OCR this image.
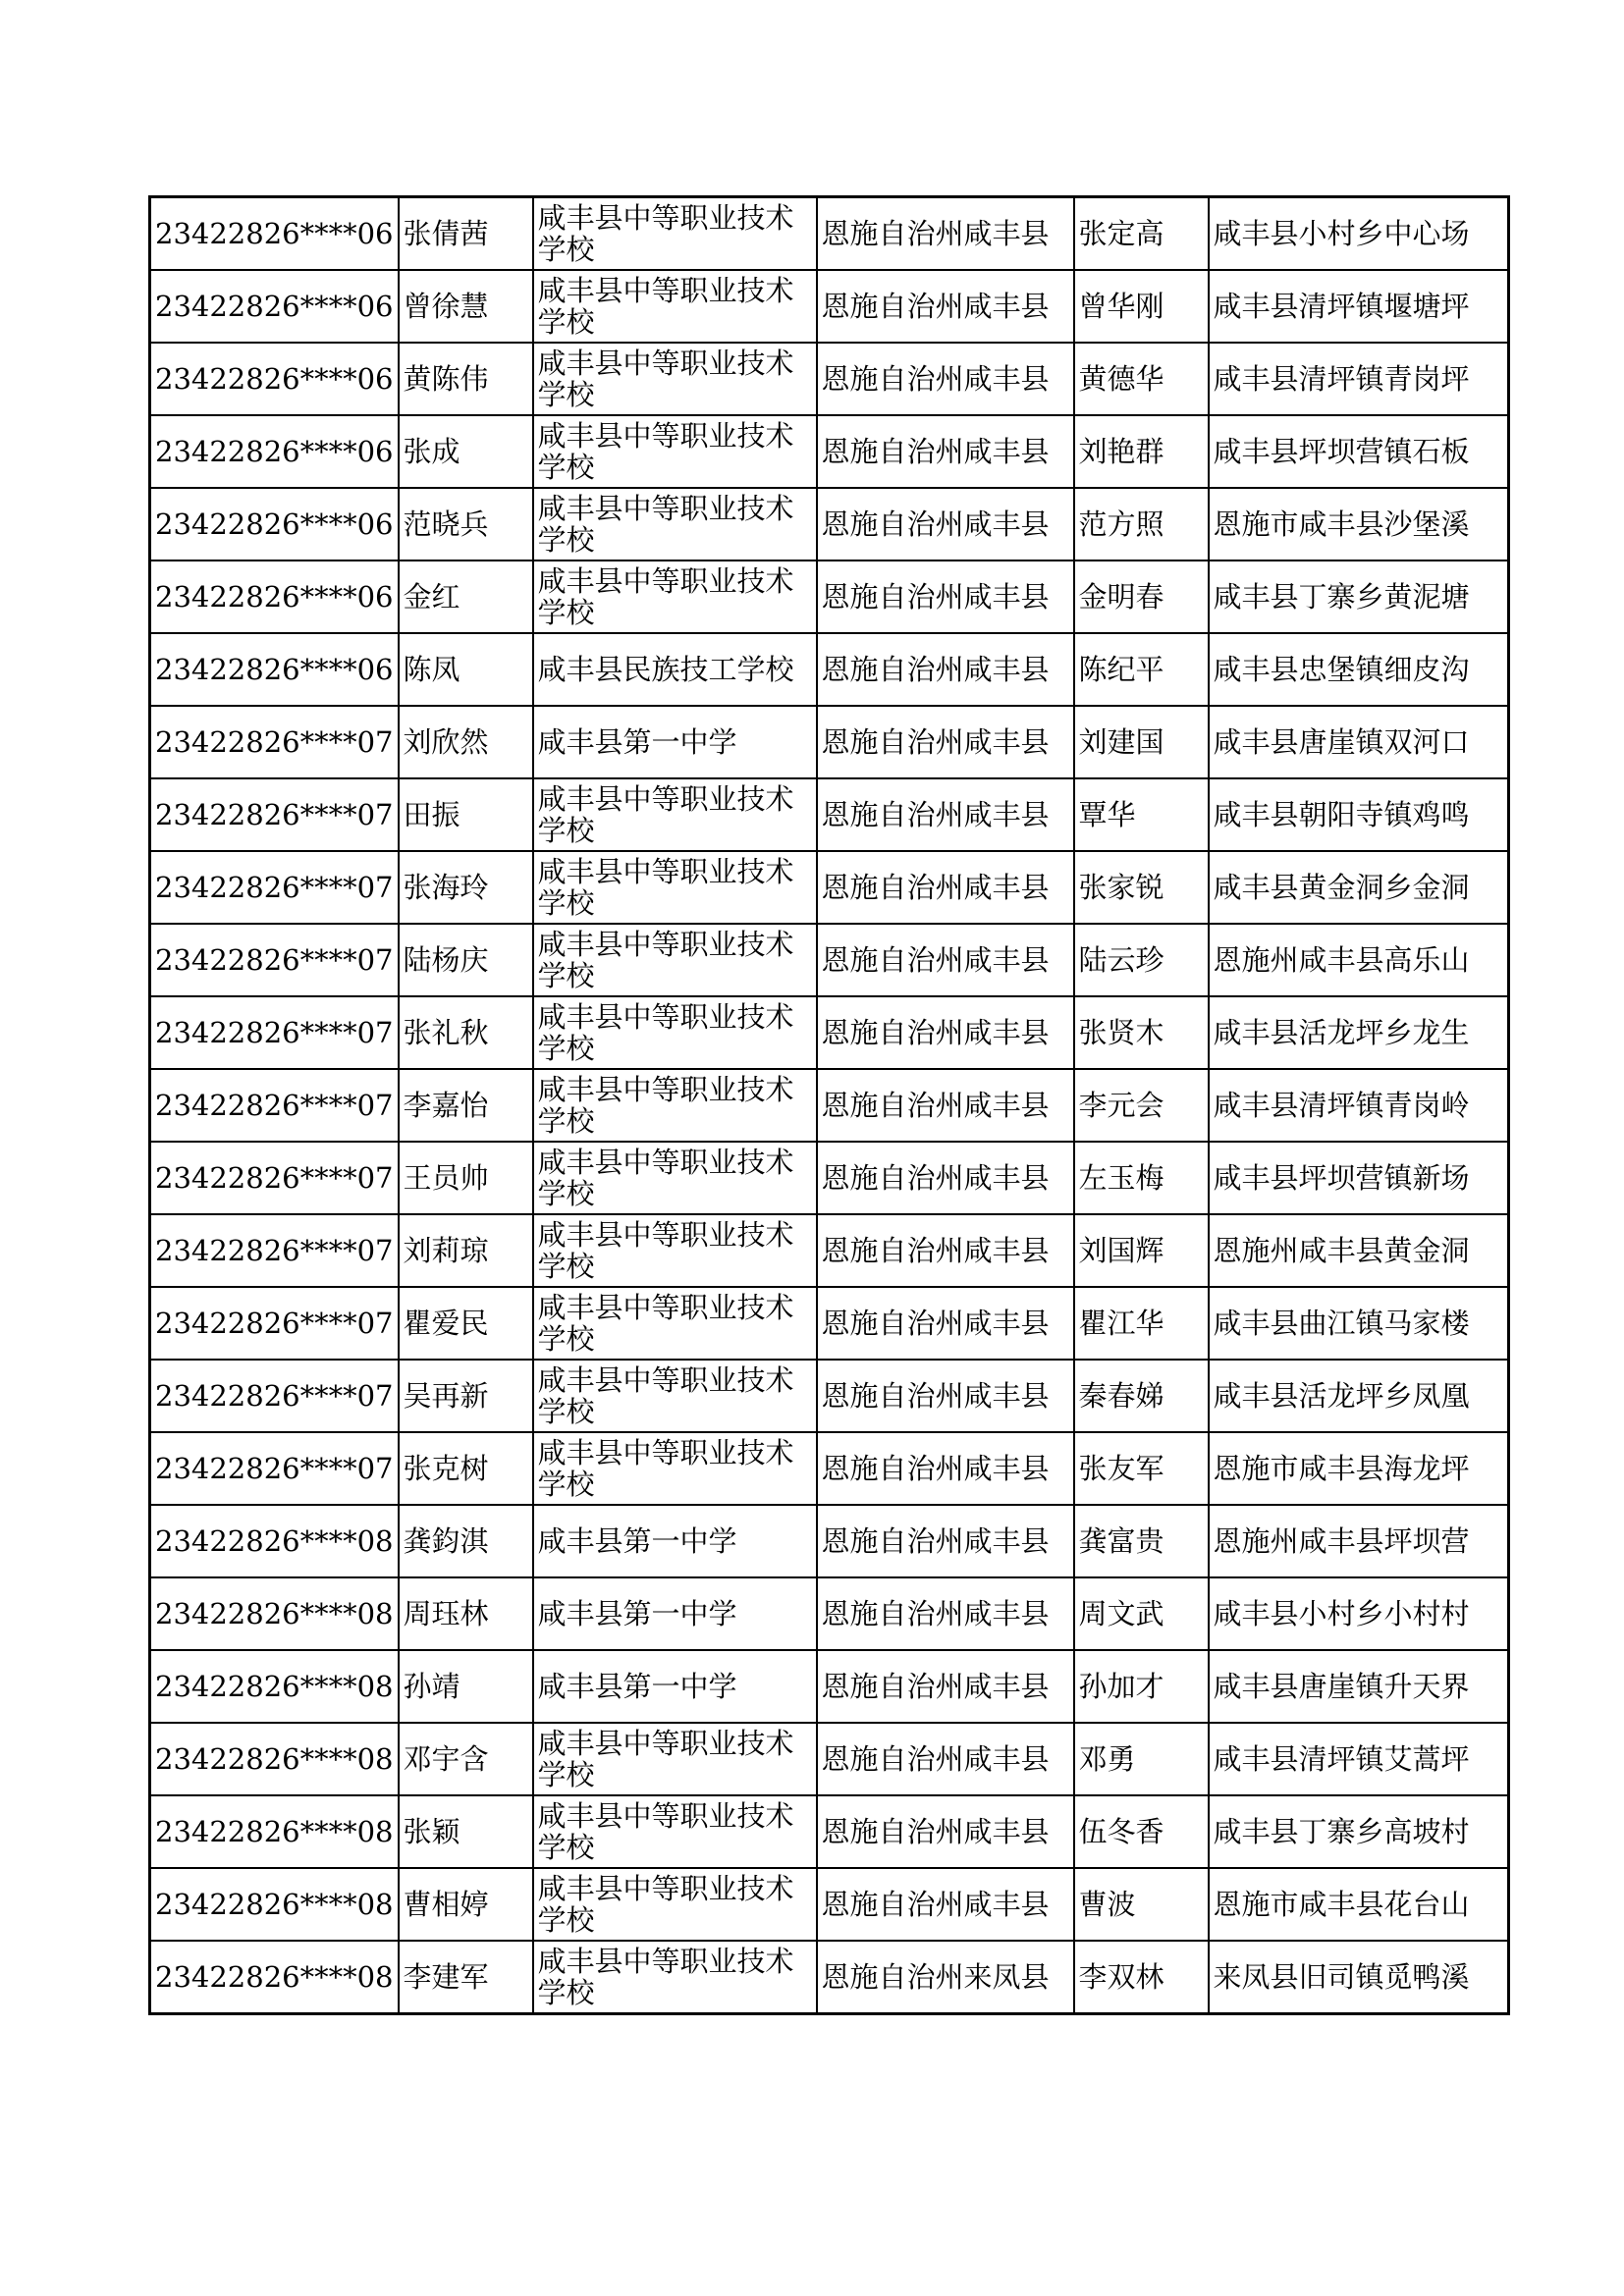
23422826****06	张倩茜	咸丰县中等职业技术学校	恩施自治州咸丰县	张定高	咸丰县小村乡中心场
23422826****06	曾徐慧	咸丰县中等职业技术学校	恩施自治州咸丰县	曾华刚	咸丰县清坪镇堰塘坪
23422826****06	黄陈伟	咸丰县中等职业技术学校	恩施自治州咸丰县	黄德华	咸丰县清坪镇青岗坪
23422826****06	张成	咸丰县中等职业技术学校	恩施自治州咸丰县	刘艳群	咸丰县坪坝营镇石板
23422826****06	范晓兵	咸丰县中等职业技术学校	恩施自治州咸丰县	范方照	恩施市咸丰县沙堡溪
23422826****06	金红	咸丰县中等职业技术学校	恩施自治州咸丰县	金明春	咸丰县丁寨乡黄泥塘
23422826****06	陈凤	咸丰县民族技工学校	恩施自治州咸丰县	陈纪平	咸丰县忠堡镇细皮沟
23422826****07	刘欣然	咸丰县第一中学	恩施自治州咸丰县	刘建国	咸丰县唐崖镇双河口
23422826****07	田振	咸丰县中等职业技术学校	恩施自治州咸丰县	覃华	咸丰县朝阳寺镇鸡鸣
23422826****07	张海玲	咸丰县中等职业技术学校	恩施自治州咸丰县	张家锐	咸丰县黄金洞乡金洞
23422826****07	陆杨庆	咸丰县中等职业技术学校	恩施自治州咸丰县	陆云珍	恩施州咸丰县高乐山
23422826****07	张礼秋	咸丰县中等职业技术学校	恩施自治州咸丰县	张贤木	咸丰县活龙坪乡龙生
23422826****07	李嘉怡	咸丰县中等职业技术学校	恩施自治州咸丰县	李元会	咸丰县清坪镇青岗岭
23422826****07	王员帅	咸丰县中等职业技术学校	恩施自治州咸丰县	左玉梅	咸丰县坪坝营镇新场
23422826****07	刘莉琼	咸丰县中等职业技术学校	恩施自治州咸丰县	刘国辉	恩施州咸丰县黄金洞
23422826****07	瞿爱民	咸丰县中等职业技术学校	恩施自治州咸丰县	瞿江华	咸丰县曲江镇马家楼
23422826****07	吴再新	咸丰县中等职业技术学校	恩施自治州咸丰县	秦春娣	咸丰县活龙坪乡凤凰
23422826****07	张克树	咸丰县中等职业技术学校	恩施自治州咸丰县	张友军	恩施市咸丰县海龙坪
23422826****08	龚鈞淇	咸丰县第一中学	恩施自治州咸丰县	龚富贵	恩施州咸丰县坪坝营
23422826****08	周珏林	咸丰县第一中学	恩施自治州咸丰县	周文武	咸丰县小村乡小村村
23422826****08	孙靖	咸丰县第一中学	恩施自治州咸丰县	孙加才	咸丰县唐崖镇升天界
23422826****08	邓宇含	咸丰县中等职业技术学校	恩施自治州咸丰县	邓勇	咸丰县清坪镇艾蒿坪
23422826****08	张颖	咸丰县中等职业技术学校	恩施自治州咸丰县	伍冬香	咸丰县丁寨乡高坡村
23422826****08	曹相婷	咸丰县中等职业技术学校	恩施自治州咸丰县	曹波	恩施市咸丰县花台山
23422826****08	李建军	咸丰县中等职业技术学校	恩施自治州来凤县	李双林	来凤县旧司镇觅鸭溪
